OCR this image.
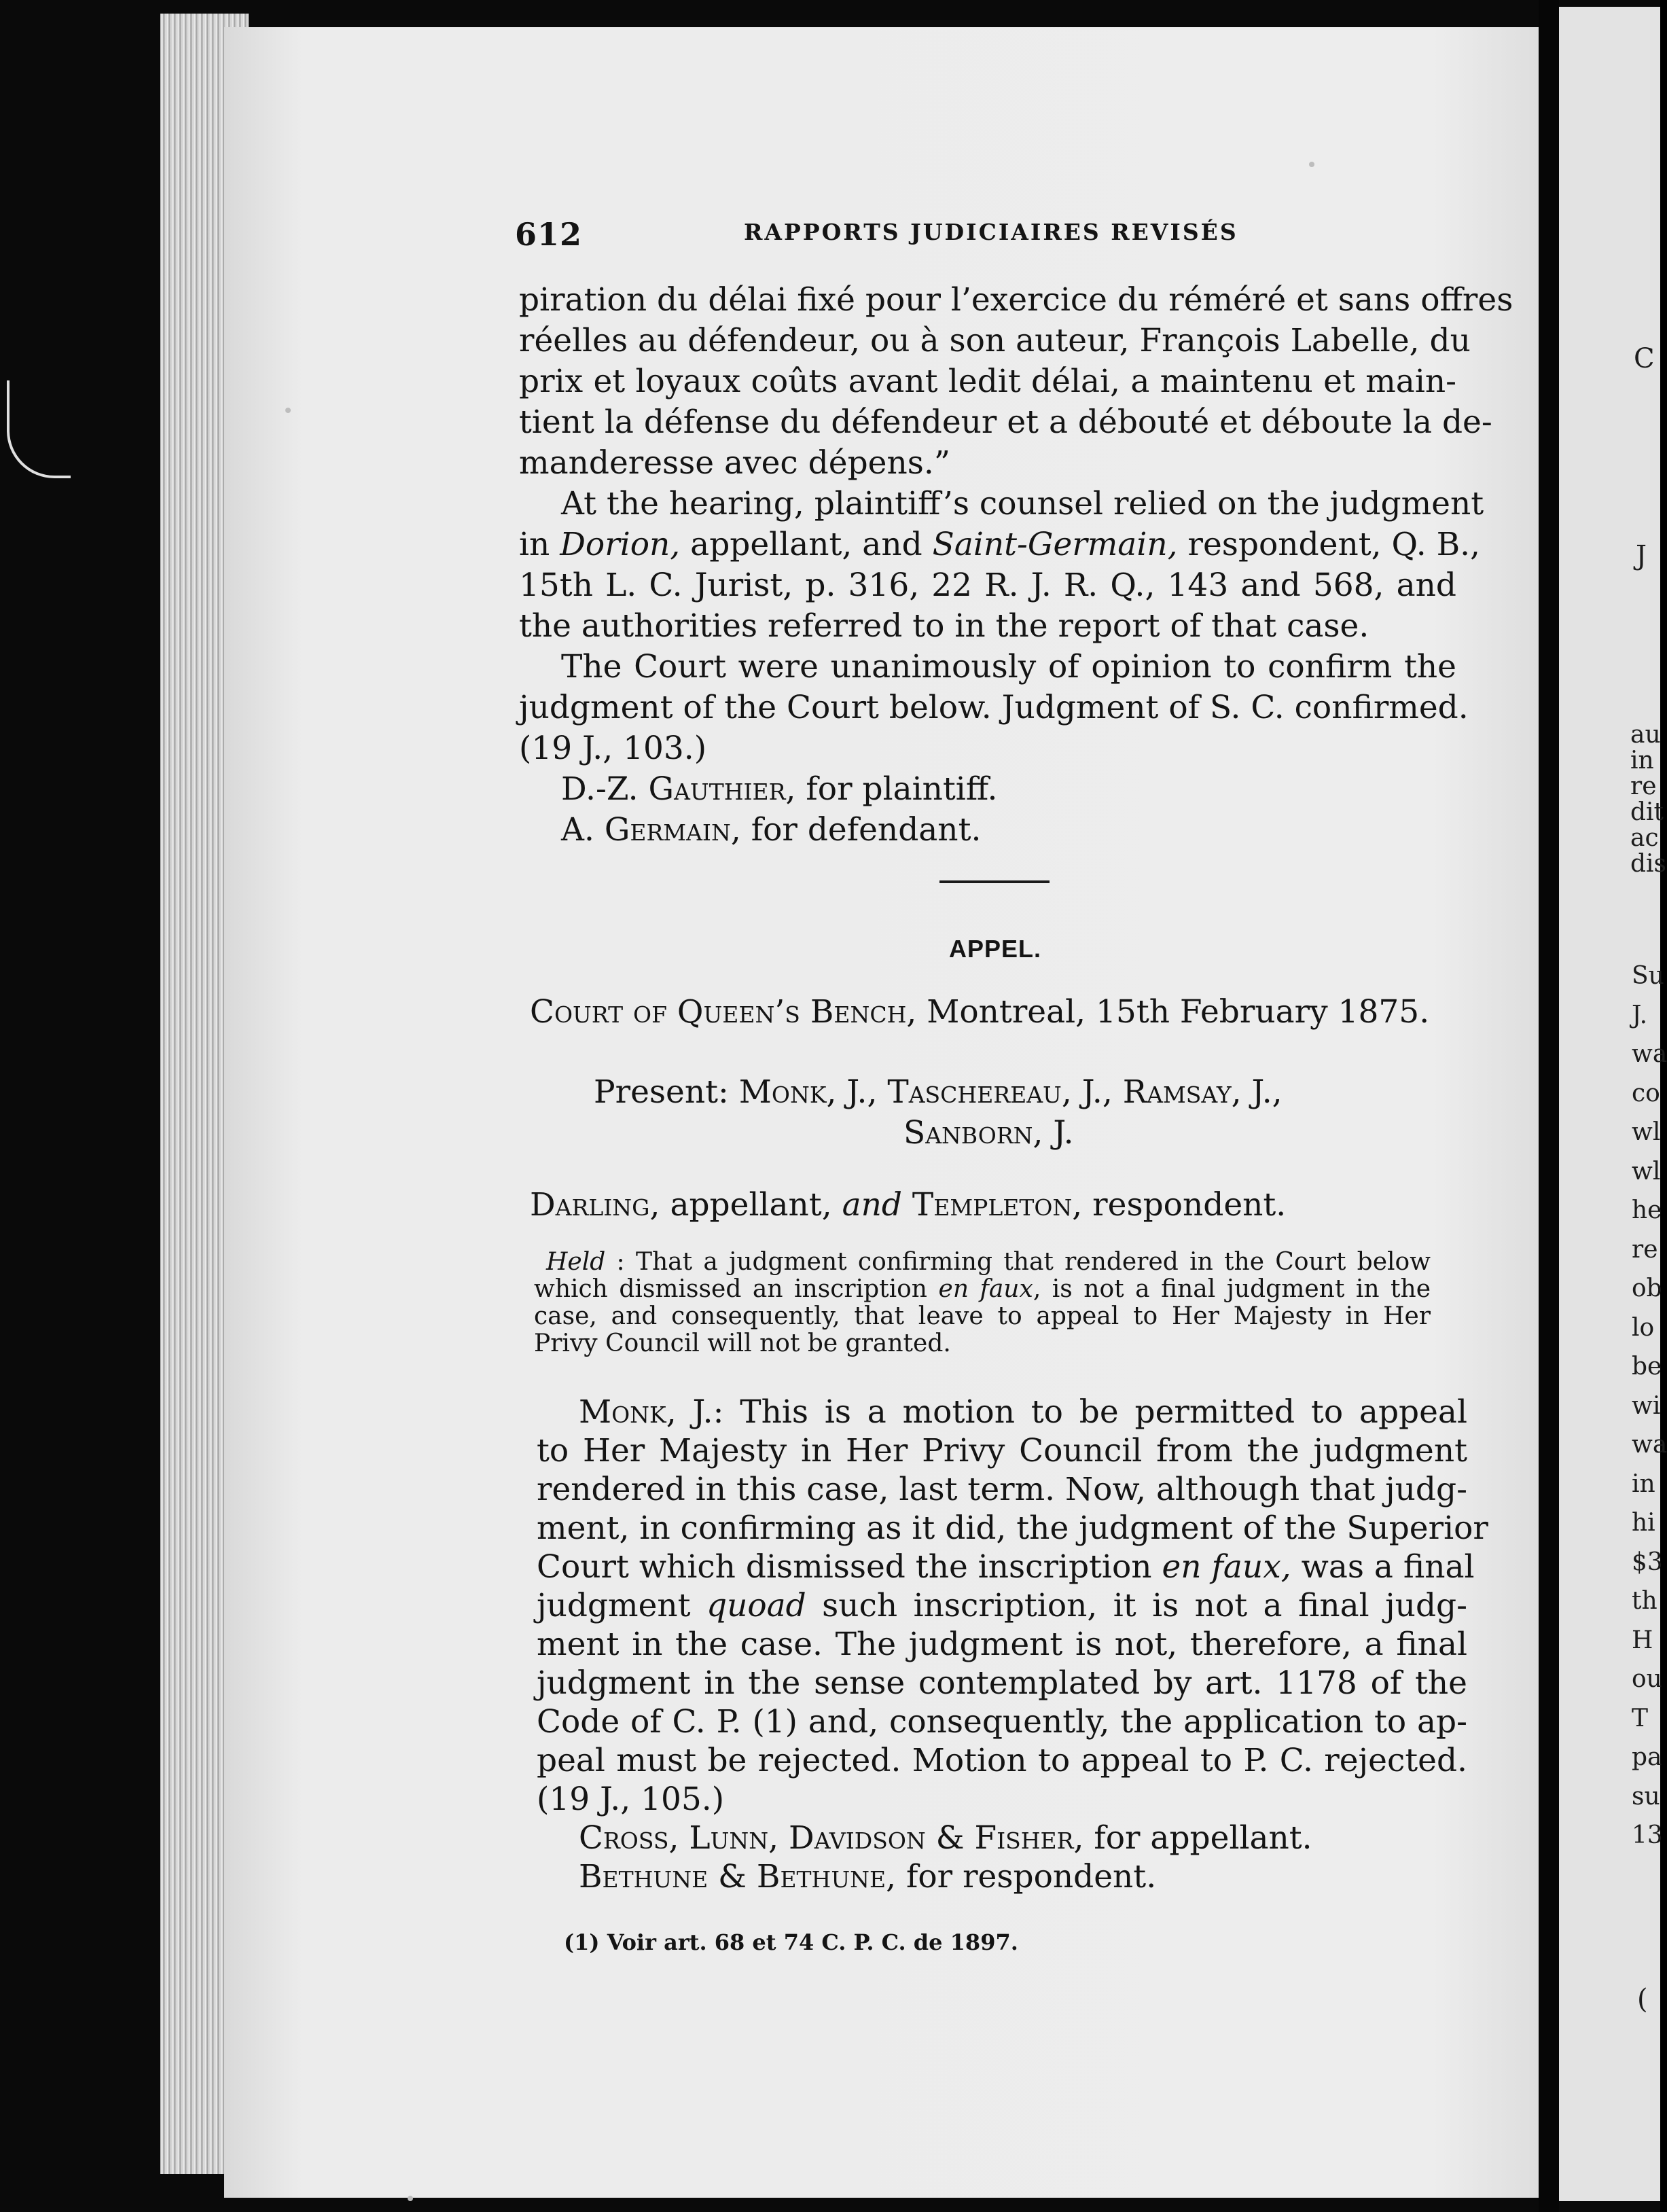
612	RAPPORTS JUDICIAIRES REVISÉS
piration du délai fixé pour l’exercice du réméré et sans offres
réelles au défendeur, ou à son auteur, François Labelle, du
prix et loyaux coûts avant ledit délai, a maintenu et main-
tient la défense du défendeur et a débouté et déboute la de-
manderesse avec dépens.”
At the hearing, plaintiff’s counsel relied on the judgment
in Dorion, appellant, and Saint-Germain, respondent, Q. B.,
15th L. C. Jurist, p. 316, 22 R. J. R. Q., 143 and 568, and
the authorities referred to in the report of that case.
The Court were unanimously of opinion to confirm the
judgment of the Court below. Judgment of S. C. confirmed.
(19 J., 103.)
D.-Z. Gauthier, for plaintiff.
A. Germain, for defendant.
APPEL.
Court of Queen’s Bench, Montreal, 15th February 1875.
Present: Monk, J., Taschereau, J., Ramsay, J.,
Sanborn, J.
Darling, appellant, and Templeton, respondent.
Held : That a judgment confirming that rendered in the Court below
which dismissed an inscription en faux, is not a final judgment in the
case, and consequently, that leave to appeal to Her Majesty in Her
Privy Council will not be granted.
Monk, J.: This is a motion to be permitted to appeal
to Her Majesty in Her Privy Council from the judgment
rendered in this case, last term. Now, although that judg-
ment, in confirming as it did, the judgment of the Superior
Court which dismissed the inscription en faux, was a final
judgment quoad such inscription, it is not a final judg-
ment in the case. The judgment is not, therefore, a final
judgment in the sense contemplated by art. 1178 of the
Code of C. P. (1) and, consequently, the application to ap-
peal must be rejected. Motion to appeal to P. C. rejected.
(19 J., 105.)
Cross, Lunn, Davidson & Fisher, for appellant.
Bethune & Bethune, for respondent.
(1) Voir art. 68 et 74 C. P. C. de 1897.
C
J
au
in
re
dit
ac
dis
Su
J.
wa
co
wl
wl
he
re
ob
lo
be
wi
wa
in
hi
$3
th
H
ou
T
pa
su
13
(
